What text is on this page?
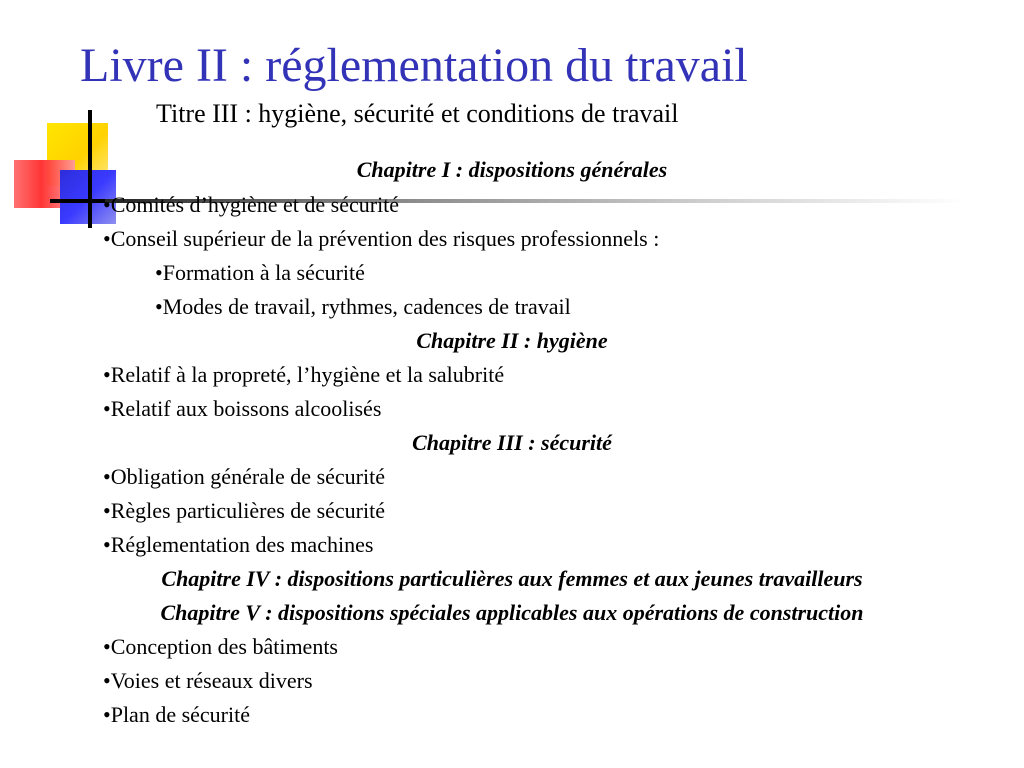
Livre II : réglementation du travail
Titre III : hygiène, sécurité et conditions de travail
Chapitre I : dispositions générales
•Comités d’hygiène et de sécurité
•Conseil supérieur de la prévention des risques professionnels :
•Formation à la sécurité
•Modes de travail, rythmes, cadences de travail
Chapitre II : hygiène
•Relatif à la propreté, l’hygiène et la salubrité
•Relatif aux boissons alcoolisés
Chapitre III : sécurité
•Obligation générale de sécurité
•Règles particulières de sécurité
•Réglementation des machines
Chapitre IV : dispositions particulières aux femmes et aux jeunes travailleurs
Chapitre V : dispositions spéciales applicables aux opérations de construction
•Conception des bâtiments
•Voies et réseaux divers
•Plan de sécurité
